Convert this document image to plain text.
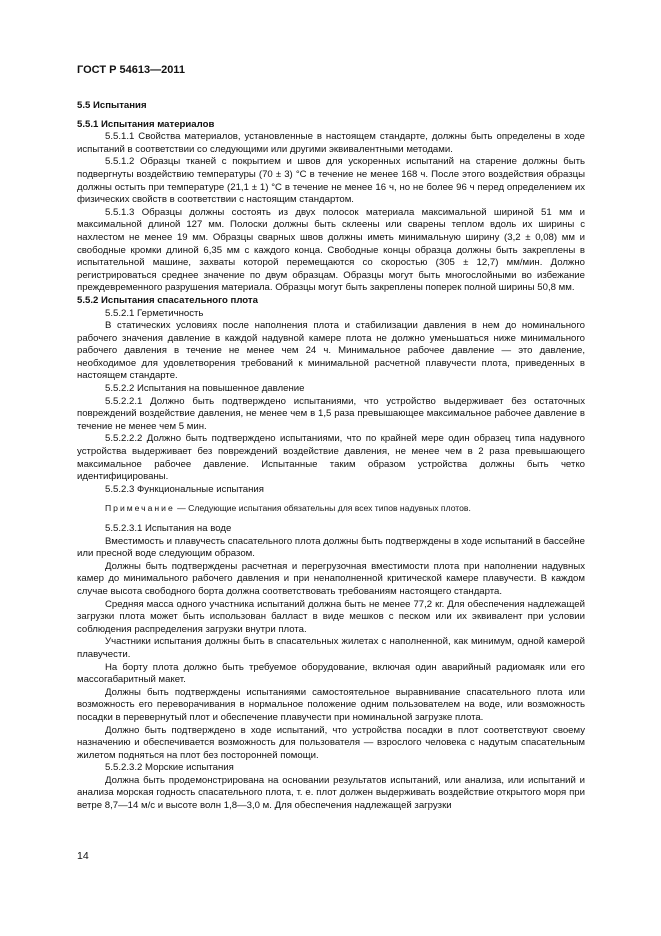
ГОСТ Р 54613—2011

5.5 Испытания

5.5.1 Испытания материалов

5.5.1.1 Свойства материалов, установленные в настоящем стандарте, должны быть определены в ходе испытаний в соответствии со следующими или другими эквивалентными методами.

5.5.1.2 Образцы тканей с покрытием и швов для ускоренных испытаний на старение должны быть подвергнуты воздействию температуры (70 ± 3) °С в течение не менее 168 ч. После этого воздействия образцы должны остыть при температуре (21,1 ± 1) °С в течение не менее 16 ч, но не более 96 ч перед определением их физических свойств в соответствии с настоящим стандартом.

5.5.1.3 Образцы должны состоять из двух полосок материала максимальной шириной 51 мм и максимальной длиной 127 мм. Полоски должны быть склеены или сварены теплом вдоль их ширины с нахлестом не менее 19 мм. Образцы сварных швов должны иметь минимальную ширину (3,2 ± 0,08) мм и свободные кромки длиной 6,35 мм с каждого конца. Свободные концы образца должны быть закреплены в испытательной машине, захваты которой перемещаются со скоростью (305 ± 12,7) мм/мин. Должно регистрироваться среднее значение по двум образцам. Образцы могут быть многослойными во избежание преждевременного разрушения материала. Образцы могут быть закреплены поперек полной ширины 50,8 мм.

5.5.2 Испытания спасательного плота

5.5.2.1 Герметичность

В статических условиях после наполнения плота и стабилизации давления в нем до номинального рабочего значения давление в каждой надувной камере плота не должно уменьшаться ниже минимального рабочего давления в течение не менее чем 24 ч. Минимальное рабочее давление — это давление, необходимое для удовлетворения требований к минимальной расчетной плавучести плота, приведенных в настоящем стандарте.

5.5.2.2 Испытания на повышенное давление

5.5.2.2.1 Должно быть подтверждено испытаниями, что устройство выдерживает без остаточных повреждений воздействие давления, не менее чем в 1,5 раза превышающее максимальное рабочее давление в течение не менее чем 5 мин.

5.5.2.2.2 Должно быть подтверждено испытаниями, что по крайней мере один образец типа надувного устройства выдерживает без повреждений воздействие давления, не менее чем в 2 раза превышающего максимальное рабочее давление. Испытанные таким образом устройства должны быть четко идентифицированы.

5.5.2.3 Функциональные испытания

Примечание — Следующие испытания обязательны для всех типов надувных плотов.

5.5.2.3.1 Испытания на воде

Вместимость и плавучесть спасательного плота должны быть подтверждены в ходе испытаний в бассейне или пресной воде следующим образом.

Должны быть подтверждены расчетная и перегрузочная вместимости плота при наполнении надувных камер до минимального рабочего давления и при ненаполненной критической камере плавучести. В каждом случае высота свободного борта должна соответствовать требованиям настоящего стандарта.

Средняя масса одного участника испытаний должна быть не менее 77,2 кг. Для обеспечения надлежащей загрузки плота может быть использован балласт в виде мешков с песком или их эквивалент при условии соблюдения распределения загрузки внутри плота.

Участники испытания должны быть в спасательных жилетах с наполненной, как минимум, одной камерой плавучести.

На борту плота должно быть требуемое оборудование, включая один аварийный радиомаяк или его массогабаритный макет.

Должны быть подтверждены испытаниями самостоятельное выравнивание спасательного плота или возможность его переворачивания в нормальное положение одним пользователем на воде, или возможность посадки в перевернутый плот и обеспечение плавучести при номинальной загрузке плота.

Должно быть подтверждено в ходе испытаний, что устройства посадки в плот соответствуют своему назначению и обеспечивается возможность для пользователя — взрослого человека с надутым спасательным жилетом подняться на плот без посторонней помощи.

5.5.2.3.2 Морские испытания

Должна быть продемонстрирована на основании результатов испытаний, или анализа, или испытаний и анализа морская годность спасательного плота, т. е. плот должен выдерживать воздействие открытого моря при ветре 8,7—14 м/с и высоте волн 1,8—3,0 м. Для обеспечения надлежащей загрузки

14
